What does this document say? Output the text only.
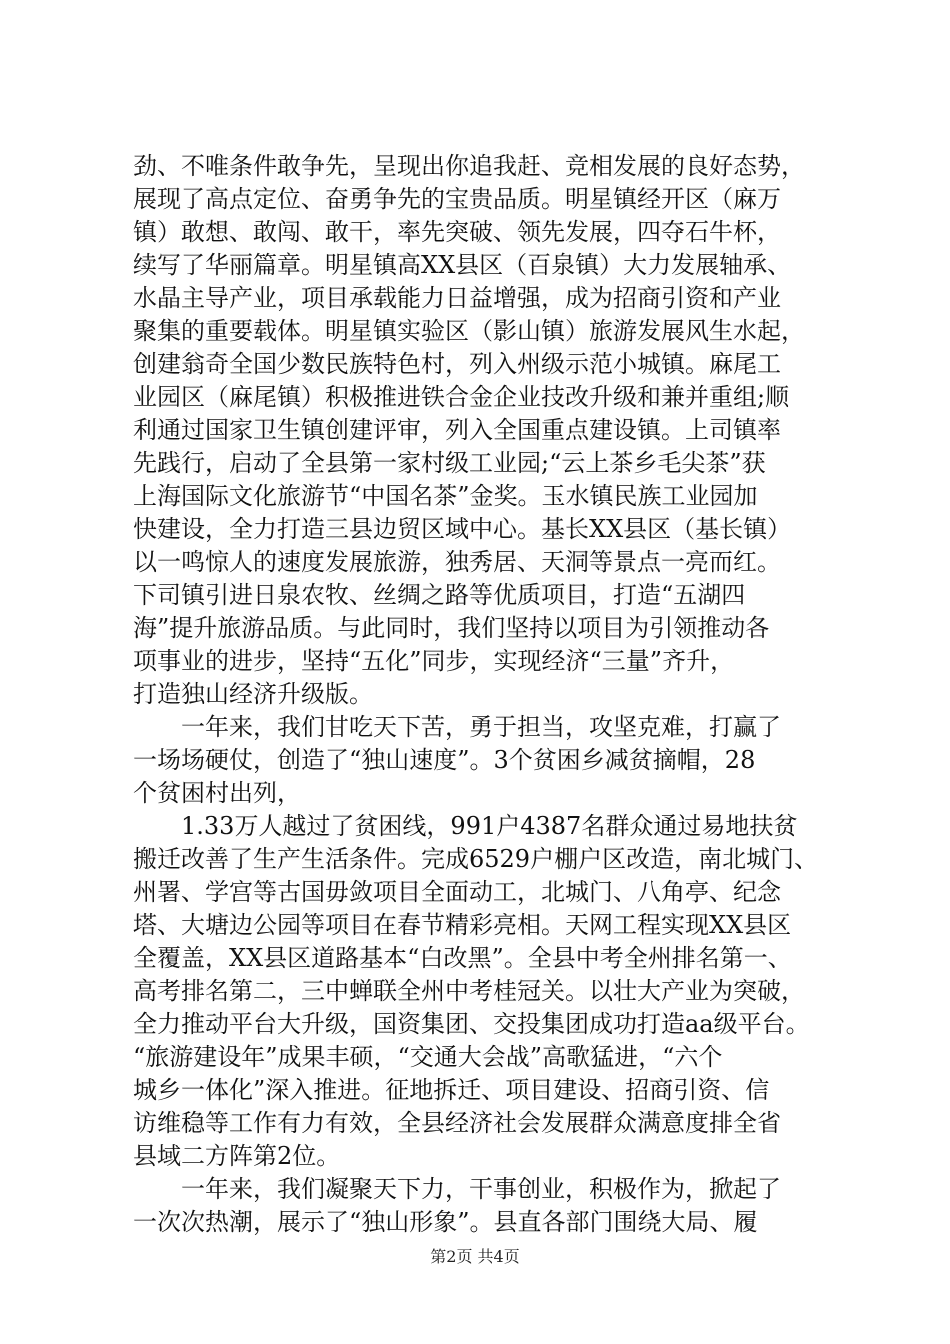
劲、不唯条件敢争先，呈现出你追我赶、竞相发展的良好态势，
展现了高点定位、奋勇争先的宝贵品质。明星镇经开区（麻万
镇）敢想、敢闯、敢干，率先突破、领先发展，四夺石牛杯，
续写了华丽篇章。明星镇高XX县区（百泉镇）大力发展轴承、
水晶主导产业，项目承载能力日益增强，成为招商引资和产业
聚集的重要载体。明星镇实验区（影山镇）旅游发展风生水起，
创建翁奇全国少数民族特色村，列入州级示范小城镇。麻尾工
业园区（麻尾镇）积极推进铁合金企业技改升级和兼并重组;顺
利通过国家卫生镇创建评审，列入全国重点建设镇。上司镇率
先践行，启动了全县第一家村级工业园;“云上茶乡毛尖茶”获
上海国际文化旅游节“中国名茶”金奖。玉水镇民族工业园加
快建设，全力打造三县边贸区域中心。基长XX县区（基长镇）
以一鸣惊人的速度发展旅游，独秀居、天洞等景点一亮而红。
下司镇引进日泉农牧、丝绸之路等优质项目，打造“五湖四
海”提升旅游品质。与此同时，我们坚持以项目为引领推动各
项事业的进步，坚持“五化”同步，实现经济“三量”齐升，
打造独山经济升级版。
一年来，我们甘吃天下苦，勇于担当，攻坚克难，打赢了
一场场硬仗，创造了“独山速度”。3个贫困乡减贫摘帽，28
个贫困村出列，
1.33万人越过了贫困线，991户4387名群众通过易地扶贫
搬迁改善了生产生活条件。完成6529户棚户区改造，南北城门、
州署、学宫等古国毋敛项目全面动工，北城门、八角亭、纪念
塔、大塘边公园等项目在春节精彩亮相。天网工程实现XX县区
全覆盖，XX县区道路基本“白改黑”。全县中考全州排名第一、
高考排名第二，三中蝉联全州中考桂冠关。以壮大产业为突破，
全力推动平台大升级，国资集团、交投集团成功打造aa级平台。
“旅游建设年”成果丰硕，“交通大会战”高歌猛进，“六个
城乡一体化”深入推进。征地拆迁、项目建设、招商引资、信
访维稳等工作有力有效，全县经济社会发展群众满意度排全省
县域二方阵第2位。
一年来，我们凝聚天下力，干事创业，积极作为，掀起了
一次次热潮，展示了“独山形象”。县直各部门围绕大局、履
第2页 共4页
